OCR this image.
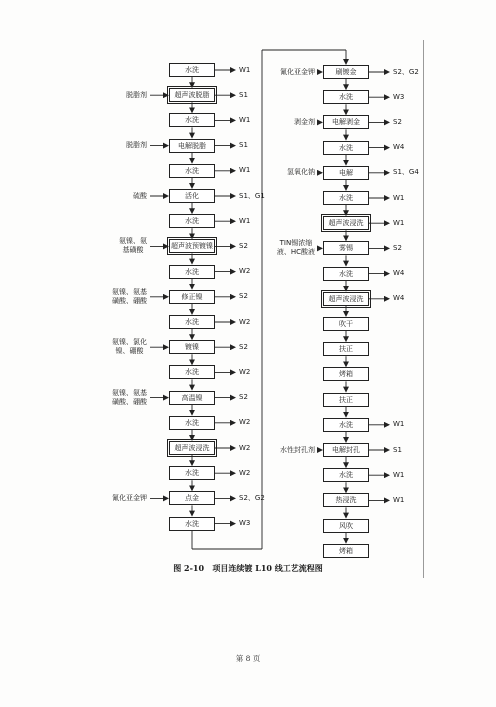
水洗	W1
超声波脱脂	S1
脱脂剂
水洗	W1
电解脱脂	S1
脱脂剂
水洗	W1
活化	S1、G1
硫酸
水洗	W1
超声波预镀镍	S2
氨镍、氨
基磺酸
水洗	W2
修正镍	S2
氨镍、氨基
磺酸、硼酸
水洗	W2
镀镍	S2
氨镍、氯化
镍、硼酸
水洗	W2
高温镍	S2
氨镍、氨基
磺酸、硼酸
水洗	W2
超声波浸洗	W2
水洗	W2
点金	S2、G2
氰化亚金钾
水洗	W3
刷镀金	S2、G2
氰化亚金钾
水洗	W3
电解剥金	S2
剥金剂
水洗	W4
电解	S1、G4
氢氧化钠
水洗	W1
超声波浸洗	W1
雾锡	S2
TIN锡浓缩
液、HC酸液
水洗	W4
超声波浸洗	W4
吹干
扶正
烤箱
扶正
水洗	W1
电解封孔	S1
水性封孔剂
水洗	W1
热浸洗	W1
风吹
烤箱
图 2-10 项目连续镀 L10 线工艺流程图
第 8 页
